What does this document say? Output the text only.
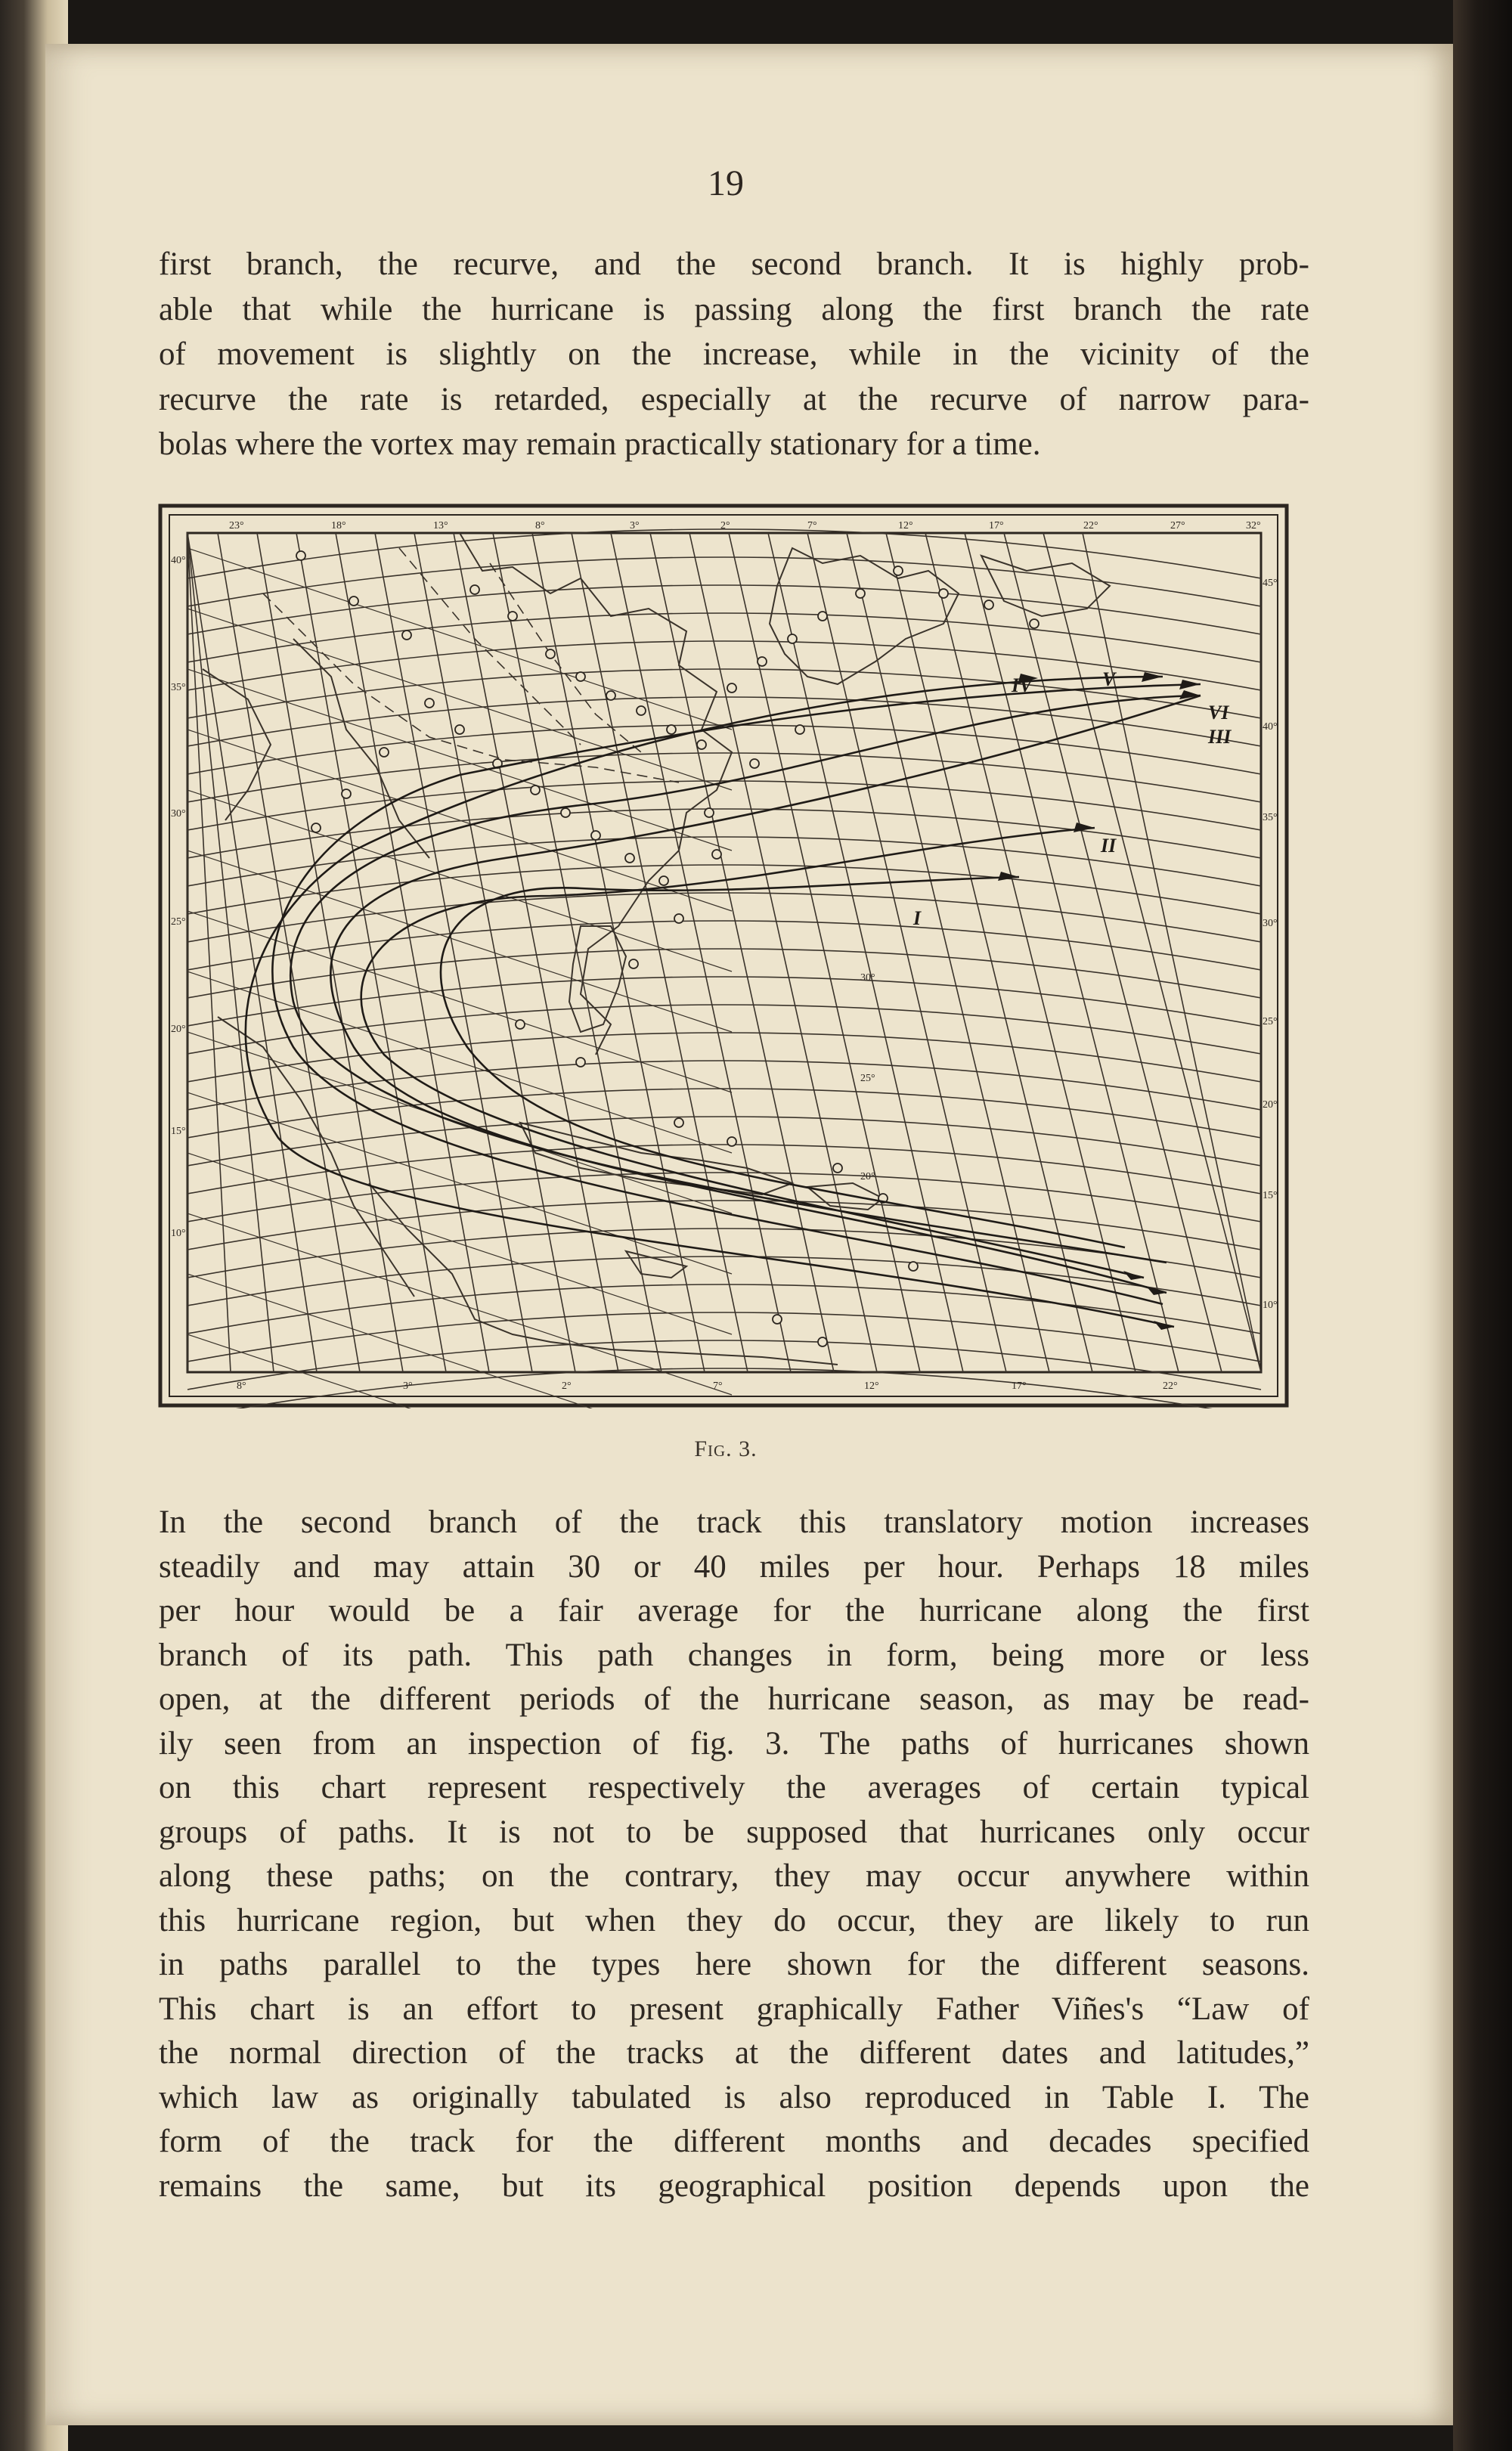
19
first branch, the recurve, and the second branch. It is highly prob-
able that while the hurricane is passing along the first branch the rate
of movement is slightly on the increase, while in the vicinity of the
recurve the rate is retarded, especially at the recurve of narrow para-
bolas where the vortex may remain practically stationary for a time.
23°	18°	13°	8°	3°	2°	7°	12°	17°	22°	27°	32°
8°	3°	2°	7°	12°	17°	22°
40°
35°
30°
25°
20°
15°
10°
45°
40°
35°
30°
25°
20°
15°
10°
30°
25°
20°
I
II
III
IV	V
VI
Fig. 3.
In the second branch of the track this translatory motion increases
steadily and may attain 30 or 40 miles per hour. Perhaps 18 miles
per hour would be a fair average for the hurricane along the first
branch of its path. This path changes in form, being more or less
open, at the different periods of the hurricane season, as may be read-
ily seen from an inspection of fig. 3. The paths of hurricanes shown
on this chart represent respectively the averages of certain typical
groups of paths. It is not to be supposed that hurricanes only occur
along these paths; on the contrary, they may occur anywhere within
this hurricane region, but when they do occur, they are likely to run
in paths parallel to the types here shown for the different seasons.
This chart is an effort to present graphically Father Viñes's “Law of
the normal direction of the tracks at the different dates and latitudes,”
which law as originally tabulated is also reproduced in Table I. The
form of the track for the different months and decades specified
remains the same, but its geographical position depends upon the
